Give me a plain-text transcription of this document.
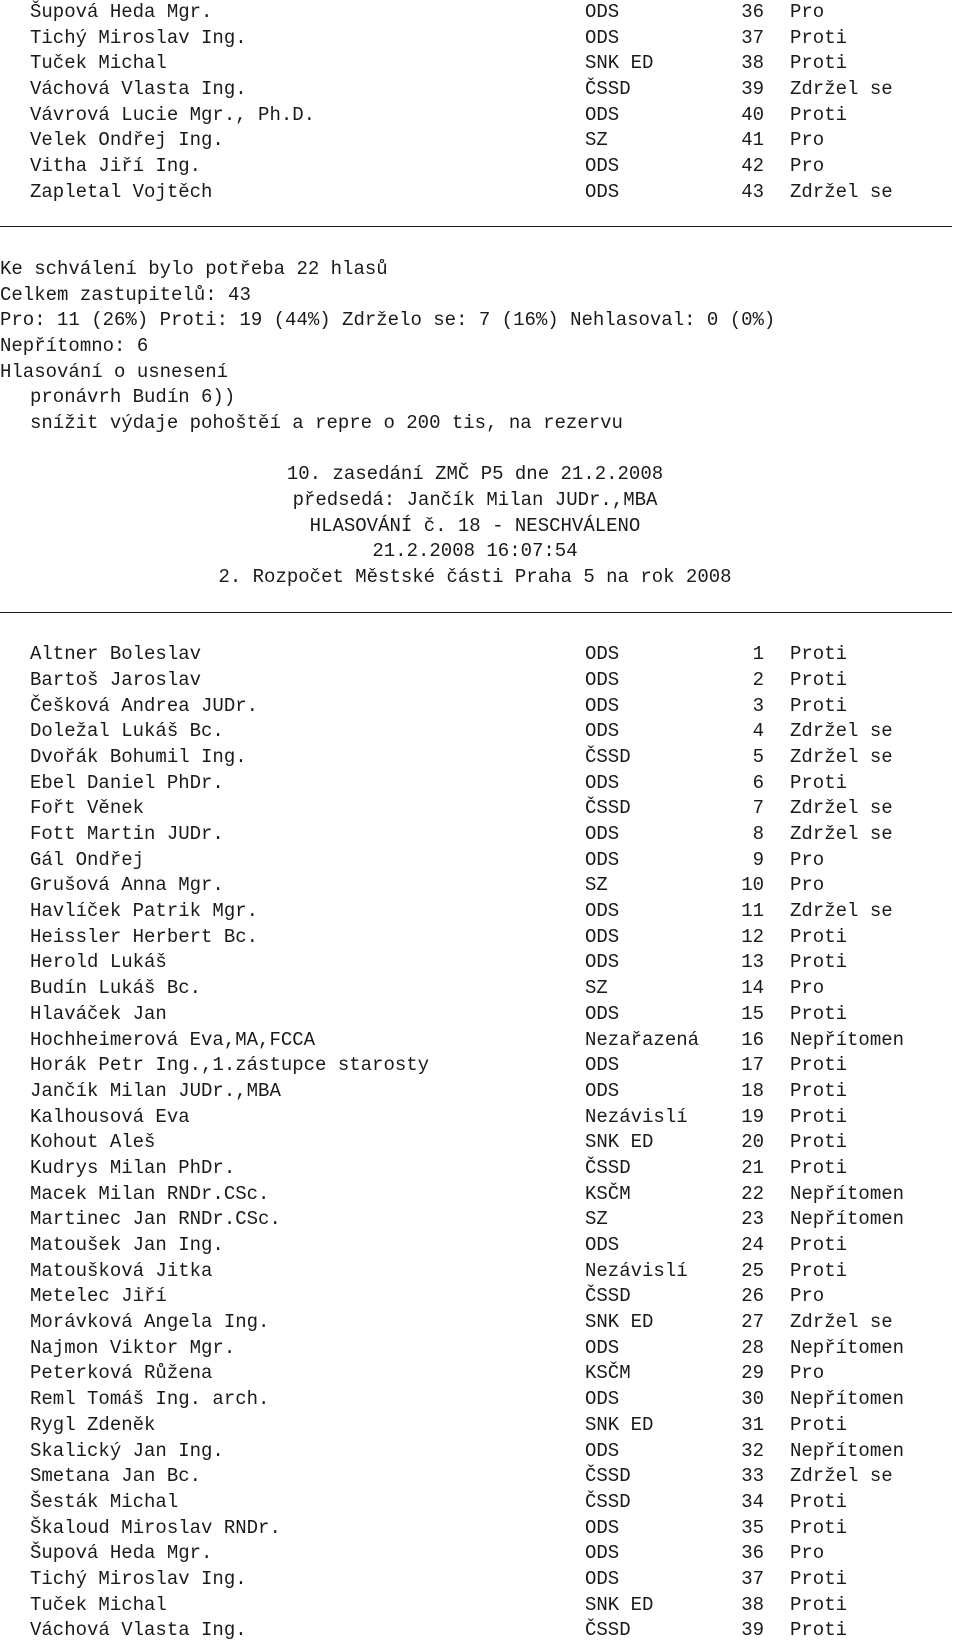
Šupová Heda Mgr.	ODS	36 Pro
Tichý Miroslav Ing.	ODS	37 Proti
Tuček Michal	SNK ED	38 Proti
Váchová Vlasta Ing.	ČSSD	39 Zdržel se
Vávrová Lucie Mgr., Ph.D.	ODS	40 Proti
Velek Ondřej Ing.	SZ	41 Pro
Vitha Jiří Ing.	ODS	42 Pro
Zapletal Vojtěch	ODS	43 Zdržel se
Ke schválení bylo potřeba 22 hlasů
Celkem zastupitelů: 43
Pro: 11 (26%) Proti: 19 (44%) Zdrželo se: 7 (16%) Nehlasoval: 0 (0%)
Nepřítomno: 6
Hlasování o usnesení
pronávrh Budín 6))
snížit výdaje pohoštěí a repre o 200 tis, na rezervu
10. zasedání ZMČ P5 dne 21.2.2008
předsedá: Jančík Milan JUDr.,MBA
HLASOVÁNÍ č. 18 - NESCHVÁLENO
21.2.2008 16:07:54
2. Rozpočet Městské části Praha 5 na rok 2008
Altner Boleslav	ODS	1 Proti
Bartoš Jaroslav	ODS	2 Proti
Češková Andrea JUDr.	ODS	3 Proti
Doležal Lukáš Bc.	ODS	4 Zdržel se
Dvořák Bohumil Ing.	ČSSD	5 Zdržel se
Ebel Daniel PhDr.	ODS	6 Proti
Fořt Věnek	ČSSD	7 Zdržel se
Fott Martin JUDr.	ODS	8 Zdržel se
Gál Ondřej	ODS	9 Pro
Grušová Anna Mgr.	SZ	10 Pro
Havlíček Patrik Mgr.	ODS	11 Zdržel se
Heissler Herbert Bc.	ODS	12 Proti
Herold Lukáš	ODS	13 Proti
Budín Lukáš Bc.	SZ	14 Pro
Hlaváček Jan	ODS	15 Proti
Hochheimerová Eva,MA,FCCA	Nezařazená	16 Nepřítomen
Horák Petr Ing.,1.zástupce starosty	ODS	17 Proti
Jančík Milan JUDr.,MBA	ODS	18 Proti
Kalhousová Eva	Nezávislí	19 Proti
Kohout Aleš	SNK ED	20 Proti
Kudrys Milan PhDr.	ČSSD	21 Proti
Macek Milan RNDr.CSc.	KSČM	22 Nepřítomen
Martinec Jan RNDr.CSc.	SZ	23 Nepřítomen
Matoušek Jan Ing.	ODS	24 Proti
Matoušková Jitka	Nezávislí	25 Proti
Metelec Jiří	ČSSD	26 Pro
Morávková Angela Ing.	SNK ED	27 Zdržel se
Najmon Viktor Mgr.	ODS	28 Nepřítomen
Peterková Růžena	KSČM	29 Pro
Reml Tomáš Ing. arch.	ODS	30 Nepřítomen
Rygl Zdeněk	SNK ED	31 Proti
Skalický Jan Ing.	ODS	32 Nepřítomen
Smetana Jan Bc.	ČSSD	33 Zdržel se
Šesták Michal	ČSSD	34 Proti
Škaloud Miroslav RNDr.	ODS	35 Proti
Šupová Heda Mgr.	ODS	36 Pro
Tichý Miroslav Ing.	ODS	37 Proti
Tuček Michal	SNK ED	38 Proti
Váchová Vlasta Ing.	ČSSD	39 Proti
